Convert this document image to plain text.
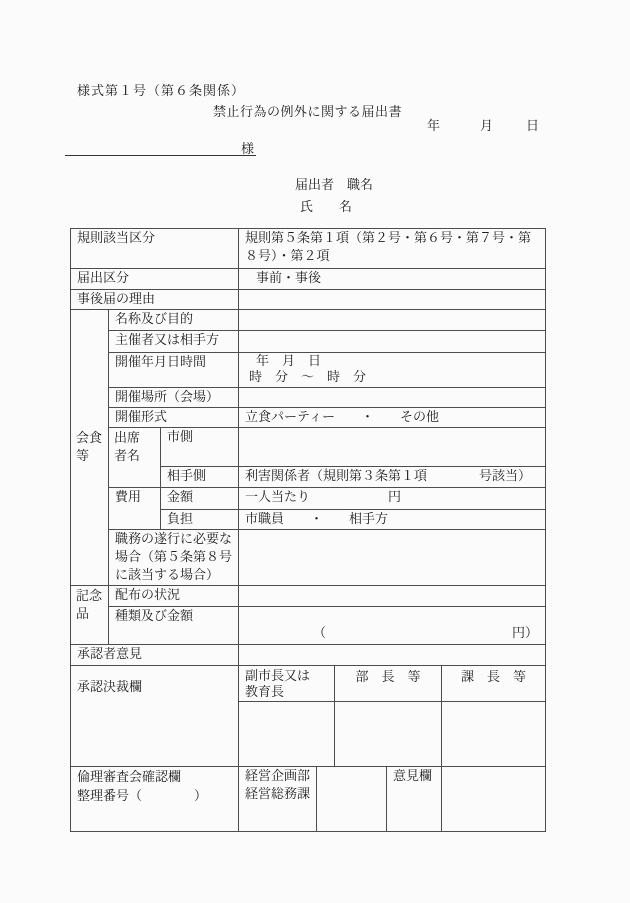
様式第１号（第６条関係）
禁止行為の例外に関する届出書
年	月	日
様
届出者　職名
氏　　名
規則該当区分			規則第５条第１項（第２号・第６号・第７号・第８号）・第２項				
届出区分			事前・事後				
事後届の理由							
会食等	名称及び目的						
	主催者又は相手方						
	開催年月日時間		年　月　日
時　分　～　時　分				

	開催場所（会場）						
	開催形式		立食パーティー　　・　　その他				
	出席者名	市側					
		相手側	利害関係者（規則第３条第１項　　　　号該当）				
	費用	金額	一人当たり　　　　　　円				
		負担	市職員　　・　　相手方				
	職務の遂行に必要な場合（第５条第８号に該当する場合）						
記念品	配布の状況						
	種類及び金額		（ 円）				

承認者意見							
承認決裁欄			副市長又は教育長		部　長　等		課　長　等

倫理審査会確認欄
整理番号（　　　　）			経営企画部経営総務課			意見欄	
